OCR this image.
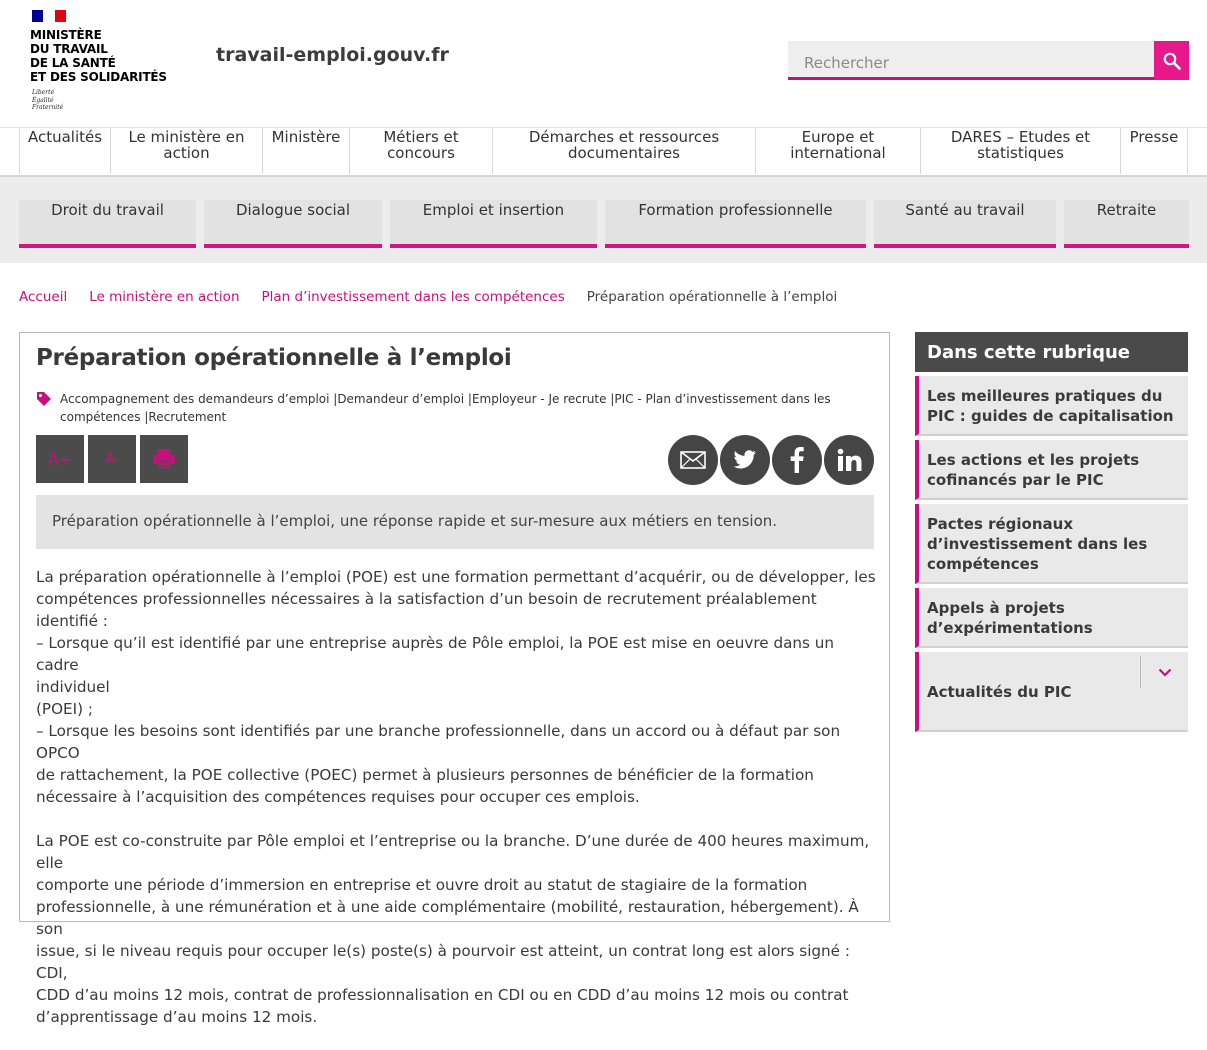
MINISTÈRE
DU TRAVAIL
DE LA SANTÉ
ET DES SOLIDARITÉS
Liberté
Égalité
Fraternité
travail-emploi.gouv.fr
Rechercher
Actualités	Le ministère en
action
Ministère	Métiers et
concours
Démarches et ressources
documentaires
Europe et
international
DARES – Etudes et
statistiques
Presse
Droit du travail	Dialogue social	Emploi et insertion	Formation professionnelle	Santé au travail	Retraite
Accueil Le ministère en action Plan d’investissement dans les compétences Préparation opérationnelle à l’emploi
Préparation opérationnelle à l’emploi
Accompagnement des demandeurs d’emploi |Demandeur d’emploi |Employeur - Je recrute |PIC - Plan d’investissement dans les compétences |Recrutement
A+	A-
Préparation opérationnelle à l’emploi, une réponse rapide et sur-mesure aux métiers en tension.

La préparation opérationnelle à l’emploi (POE) est une formation permettant d’acquérir, ou de développer, les
compétences professionnelles nécessaires à la satisfaction d’un besoin de recrutement préalablement identifié :
– Lorsque qu’il est identifié par une entreprise auprès de Pôle emploi, la POE est mise en oeuvre dans un cadre
individuel
(POEI) ;
– Lorsque les besoins sont identifiés par une branche professionnelle, dans un accord ou à défaut par son OPCO
de rattachement, la POE collective (POEC) permet à plusieurs personnes de bénéficier de la formation
nécessaire à l’acquisition des compétences requises pour occuper ces emplois.

La POE est co-construite par Pôle emploi et l’entreprise ou la branche. D’une durée de 400 heures maximum, elle
comporte une période d’immersion en entreprise et ouvre droit au statut de stagiaire de la formation
professionnelle, à une rémunération et à une aide complémentaire (mobilité, restauration, hébergement). À son
issue, si le niveau requis pour occuper le(s) poste(s) à pourvoir est atteint, un contrat long est alors signé : CDI,
CDD d’au moins 12 mois, contrat de professionnalisation en CDI ou en CDD d’au moins 12 mois ou contrat
d’apprentissage d’au moins 12 mois.

Dans cette rubrique
Les meilleures pratiques du
PIC : guides de capitalisation
Les actions et les projets
cofinancés par le PIC
Pactes régionaux
d’investissement dans les
compétences
Appels à projets
d’expérimentations

Actualités du PIC
